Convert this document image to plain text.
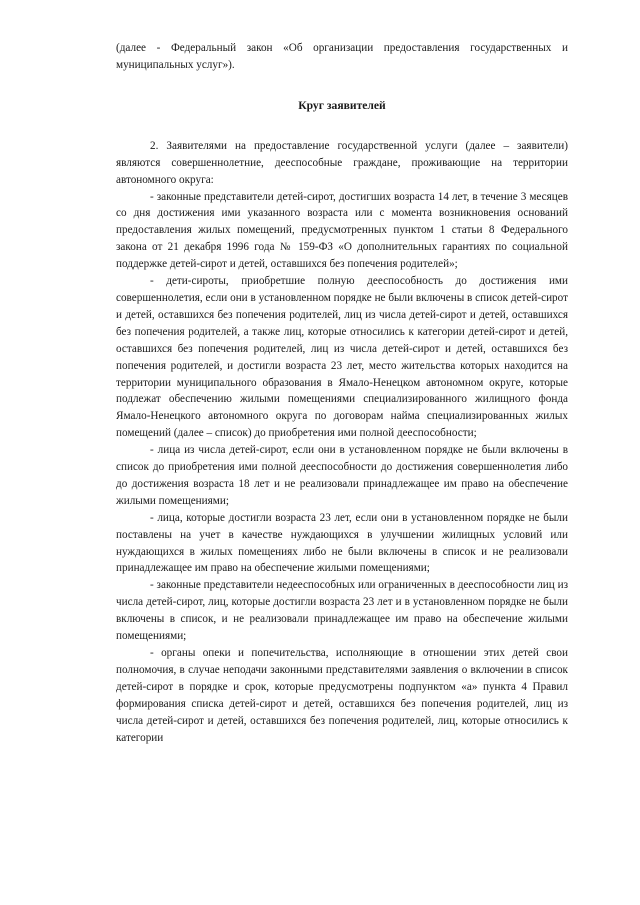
(далее - Федеральный закон «Об организации предоставления государственных и муниципальных услуг»).

Круг заявителей

2. Заявителями на предоставление государственной услуги (далее – заявители) являются совершеннолетние, дееспособные граждане, проживающие на территории автономного округа:

- законные представители детей-сирот, достигших возраста 14 лет, в течение 3 месяцев со дня достижения ими указанного возраста или с момента возникновения оснований предоставления жилых помещений, предусмотренных пунктом 1 статьи 8 Федерального закона от 21 декабря 1996 года № 159-ФЗ «О дополнительных гарантиях по социальной поддержке детей-сирот и детей, оставшихся без попечения родителей»;

- дети-сироты, приобретшие полную дееспособность до достижения ими совершеннолетия, если они в установленном порядке не были включены в список детей-сирот и детей, оставшихся без попечения родителей, лиц из числа детей-сирот и детей, оставшихся без попечения родителей, а также лиц, которые относились к категории детей-сирот и детей, оставшихся без попечения родителей, лиц из числа детей-сирот и детей, оставшихся без попечения родителей, и достигли возраста 23 лет, место жительства которых находится на территории муниципального образования в Ямало-Ненецком автономном округе, которые подлежат обеспечению жилыми помещениями специализированного жилищного фонда Ямало-Ненецкого автономного округа по договорам найма специализированных жилых помещений (далее – список) до приобретения ими полной дееспособности;

- лица из числа детей-сирот, если они в установленном порядке не были включены в список до приобретения ими полной дееспособности до достижения совершеннолетия либо до достижения возраста 18 лет и не реализовали принадлежащее им право на обеспечение жилыми помещениями;

- лица, которые достигли возраста 23 лет, если они в установленном порядке не были поставлены на учет в качестве нуждающихся в улучшении жилищных условий или нуждающихся в жилых помещениях либо не были включены в список и не реализовали принадлежащее им право на обеспечение жилыми помещениями;

- законные представители недееспособных или ограниченных в дееспособности лиц из числа детей-сирот, лиц, которые достигли возраста 23 лет и в установленном порядке не были включены в список, и не реализовали принадлежащее им право на обеспечение жилыми помещениями;

- органы опеки и попечительства, исполняющие в отношении этих детей свои полномочия, в случае неподачи законными представителями заявления о включении в список детей-сирот в порядке и срок, которые предусмотрены подпунктом «а» пункта 4 Правил формирования списка детей-сирот и детей, оставшихся без попечения родителей, лиц из числа детей-сирот и детей, оставшихся без попечения родителей, лиц, которые относились к категории
